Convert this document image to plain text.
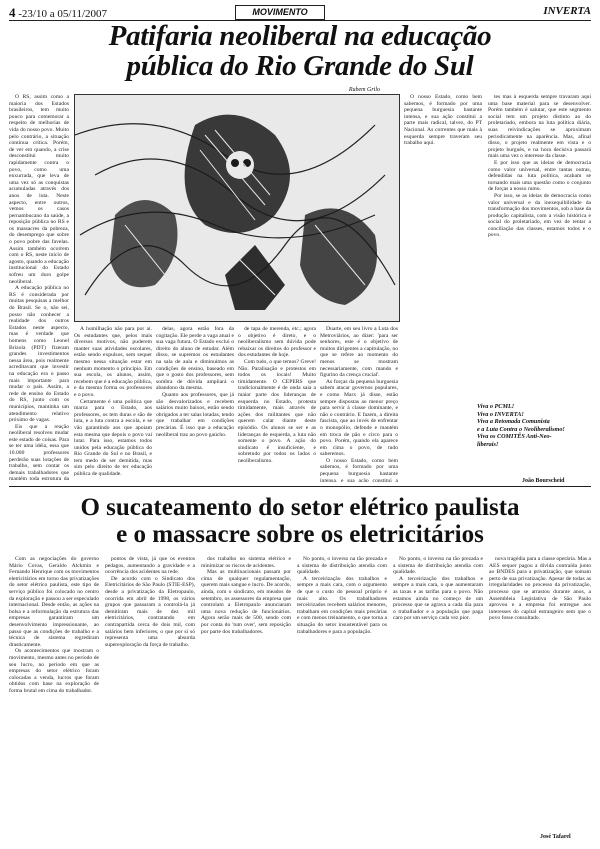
4 -23/10 a 05/11/2007	MOVIMENTO	INVERTA
Patifaria neoliberal na educação
pública do Rio Grande do Sul
Rubem Grilo

O RS, assim como a maioria dos Estados brasileiros, tem muito pouco para comemorar a respeito de melhorias de vida do nosso povo. Muito pelo contrário, a situação continua crítica. Porém, de ver em quando, a crise desconstitui muito rapidamente contra o povo, como uma enxurrada, que leva de uma vez só as conquistas acumuladas através dos anos de luta. Neste aspecto, entre outros, vemos os casos pernambucano da saúde, a reposição pública no RS e os massacres da pobreza, do desemprego que sobre o povo pobre das favelas. Assim também ocorrem com o RS, neste início de agosto, quando a educação institucional do Estado sofreu um duro golpe neoliberal.

A educação pública no RS é considerada por muitas pesquisas a melhor do Brasil. Se o, não sei, posso não conhecer a realidade dos outros Estados neste aspecto, mas é verdade que homens como Leonel Brizola (PDT) fizeram grandes investimentos nessa área, pois realmente acreditavam que investir na educação era o passo mais importante para mudar o país. Assim, a rede de ensino do Estado do RS, junto com os municípios, mantinha um atendimento relativo próximo de vagas.

Eis que a reação neoliberal resolveu mudar este estado de coisas. Para se ter uma idéia, essa que 10.000 professores perderão suas lotações de trabalho, sem contar os demais trabalhadores que mantêm toda estrutura da

A humilhação não para por aí. Os estudantes que, pelos mais diversos motivos, não puderem manter suas atividades escolares, estão sendo expulsos, sem sequer mesmo nessa situação estar em nenhum momento o princípio. Em sua escola, os alunos, assim, recebem que é a educação pública, e da mesma forma os professores e o povo.

Certamente é uma política que marca para o Estado, aos professores, os tem duras e são de luta, e a luta contra a escola, e se vão garantindo aos que apoiam esta mesma que depois o povo vai lutar. Para isso, estamos todos unidos pela educação pública do Rio Grande do Sul e no Brasil, e tem medo de ser demitida, mas sim pelo direito de ter educação pública de qualidade.

delas, agora estão fora da cogitação. Ele perde a vaga atual e sua vaga futura. O Estado exclui o direito do aluno de estudar. Além disso, se supremos os estudantes na sala de aula e diminuímos as condições de ensino, baseado em que o gosto dos professores, sem sombra de dúvida ampliará o abandono da mesma.

Quanto aos professores, que já são desvalorizados e recebem salários muito baixos, estão sendo obrigados a ter salas lotadas, tendo que trabalhar em condições precárias. É isso que a educação neoliberal traz ao povo gaúcho.

de tapa de merenda, etc.; agora o objetivo é direto, e o neoliberalismo sem dúvida pode rebaixar os direitos do professor e dos estudantes de hoje.

Com tudo, o que temos? Greve! Não. Paralisação e protestos em todos os locais! Muito timidamente. O CEPERS que tradicionalmente é de onda saia a maior parte dos lideranças de esquerda no Estado, protesta timidamente, mais através de ações dos militantes que não querem calar diante deste episódio. Os alunos se ser e as lideranças de esquerda, a luta não somente o povo. A ação do sindicato é insuficiente, e sobretudo por todos os lados o neoliberalismo.

Duarte, em seu livro a Luta dos Metroviários, ao dizer: 'para ser senhores, este é o objetivo de muitos dirigentes a capitulação, no que se refere ao momento do menos se mostram necessariamente, com mando e figurino da crença crucial'.

As forças da pequena burguesia sabem atacar governos populares, e como Marx já disse, estão sempre dispostas ao menor preço para servir à classe dominante, e não o contrário. E fazem, a direita fascista, que ao invés de enfrentar o monopólio, defende e mantém em troca de pão e circo para o povo. Porém, quando ela aparece em cima o povo, de tudo saberemos.

O nosso Estado, como bem sabemos, é formado por uma pequena burguesia bastante intensa, e sua ação constitui a

O nosso Estado, como bem sabemos, é formado por uma pequena burguesia bastante intensa, e sua ação constitui a parte mais radical, talvez, do PT Nacional. As correntes que mais à esquerda sempre traveram seu trabalho aqui.

tes mas à esquerda sempre travaram aqui uma base material para se desenvolver. Porém também é salutar, que este segmento social tem um projeto distinto ao do proletariado, embora na luta política diária, suas reivindicações se aproximam periodicamente na aparência. Mas, afinal disso, o projeto realmente em vista e o projeto burguês, e na hora decisiva passará mais uma vez o interesse da classe.

E por isso que as ideias de democracia como valor universal, entre tantas outras, defendidas na luta política, acabam se tornando mais uma questão como o conjunto de forças a nosso rumo.

Por isso, se as ideias de democracia como valor universal e da inexequibilidade da transformação dos movimentos, sob a base da produção capitalista, com a visão histórica e social do proletariado, em vez de tentar a conciliação das classes, estamos todos e o povo.

Viva o PCML!
Viva o INVERTA!
Viva a Retomada Comunista
e a Luta Contra o Neoliberalismo!
Viva os COMITÊS Anti-Neo-
liberais!
João Bourscheid
O sucateamento do setor elétrico paulista
e o massacre sobre os eletricitários

Com as negociações do governo Mário Covas, Geraldo Alckmin e Fernando Henrique com os movimentos eletricitários em torno das privatizações do setor elétrico paulista, este tipo de serviço público foi colocado no centro da exploração e passou a ser especulado internacional. Desde então, as ações na bolsa e a reformulação da estrutura das empresas garantiram um desenvolvimento impressionante, ao passo que as condições de trabalho e a técnica de sistema regrediram drasticamente.

Os acontecimentos que mostram o movimento, mesmo antes no período de seu lucro, no período em que as empresas do setor elétrico foram colocadas a venda, lucros que foram obtidos com base na exploração de forma brutal em cima do trabalhador.

pontos de vista, já que os eventos pedagos, aumentando a gravidade e a ocorrência dos acidentes na rede.

De acordo com o Sindicato dos Eletricitários de São Paulo (STIE-ESP), desde a privatização da Eletropaulo, ocorrida em abril de 1998, os vários grupos que passaram a controlá-la já demitiram mais de dez mil eletricitários, contratando em contrapartida cerca de dois mil, com salários bem inferiores, o que por si só representa uma absurda superexploração da força de trabalho.

dos trabalho no sistema elétrico e minimizar os riscos de acidentes.

Mas as multinacionais passam por cima de qualquer regulamentação, querem mais sangue e lucro. De acordo, ainda, com o sindicato, em meados de setembro, os assessores da empresa que controlam a Eletropaulo anunciaram uma nova redução de funcionários. Agora serão mais de 500, sendo com por conta do 'tum over', sem reposição por parte dos trabalhadores.

No ponto, o inverso na tão prezada e a sistema de distribuição atendia com qualidade.

A terceirização dos trabalhos e sempre a mais cara, com o argumento de que o custo do pessoal próprio é mais alto. Os trabalhadores terceirizados recebem salários menores, trabalham em condições mais precárias e com menos treinamento, o que torna a situação do setor insustentável para os trabalhadores e para a população.

No ponto, o inverso na tão prezada e a sistema de distribuição atendia com qualidade.

A terceirização dos trabalhos e sempre a mais cara, o que aumentaram as taxas e as tarifas para o povo. Não estamos ainda no começo de um processo que se agrava a cada dia para o trabalhador e a população que paga caro por um serviço cada vez pior.

nova tragédia para a classe operária. Mas a AES sequer pagou a dívida contraída junto ao BNDES para a privatização, que somam perto de sua privatização. Apesar de todas as irregularidades no processo da privatização, processo que se arrastou durante anos, a Assembleia Legislativa de São Paulo aprovou e a empresa foi entregue aos interesses do capital estrangeiro sem que o povo fosse consultado.

José Tafarel
